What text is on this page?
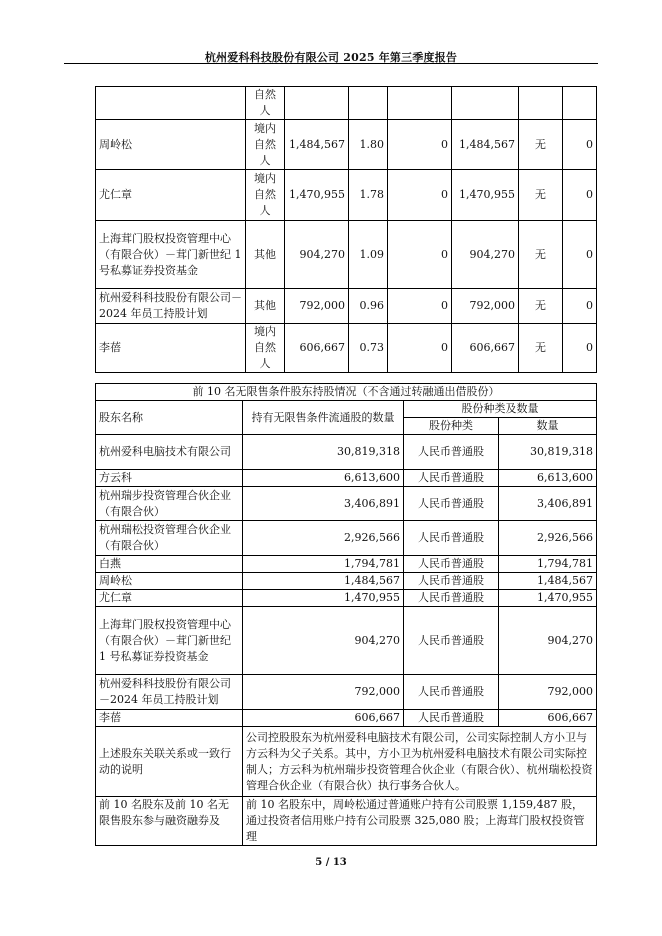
杭州爱科科技股份有限公司 2025 年第三季度报告
	自然人						
周岭松	境内自然人	1,484,567	1.80	0	1,484,567	无	0
尤仁章	境内自然人	1,470,955	1.78	0	1,470,955	无	0
上海茸门股权投资管理中心（有限合伙）－茸门新世纪 1 号私募证券投资基金	其他	904,270	1.09	0	904,270	无	0
杭州爱科科技股份有限公司－2024 年员工持股计划	其他	792,000	0.96	0	792,000	无	0
李蓓	境内自然人	606,667	0.73	0	606,667	无	0
前 10 名无限售条件股东持股情况（不含通过转融通出借股份）			
股东名称	持有无限售条件流通股的数量	股份种类及数量	
		股份种类	数量
杭州爱科电脑技术有限公司	30,819,318	人民币普通股	30,819,318
方云科	6,613,600	人民币普通股	6,613,600
杭州瑞步投资管理合伙企业（有限合伙）	3,406,891	人民币普通股	3,406,891
杭州瑞松投资管理合伙企业（有限合伙）	2,926,566	人民币普通股	2,926,566
白燕	1,794,781	人民币普通股	1,794,781
周岭松	1,484,567	人民币普通股	1,484,567
尤仁章	1,470,955	人民币普通股	1,470,955
上海茸门股权投资管理中心（有限合伙）－茸门新世纪 1 号私募证券投资基金	904,270	人民币普通股	904,270
杭州爱科科技股份有限公司－2024 年员工持股计划	792,000	人民币普通股	792,000
李蓓	606,667	人民币普通股	606,667
上述股东关联关系或一致行动的说明	公司控股股东为杭州爱科电脑技术有限公司，公司实际控制人方小卫与方云科为父子关系。其中，方小卫为杭州爱科电脑技术有限公司实际控制人；方云科为杭州瑞步投资管理合伙企业（有限合伙）、杭州瑞松投资管理合伙企业（有限合伙）执行事务合伙人。		
前 10 名股东及前 10 名无限售股东参与融资融券及	前 10 名股东中，周岭松通过普通账户持有公司股票 1,159,487 股，通过投资者信用账户持有公司股票 325,080 股；上海茸门股权投资管理		
5 / 13
